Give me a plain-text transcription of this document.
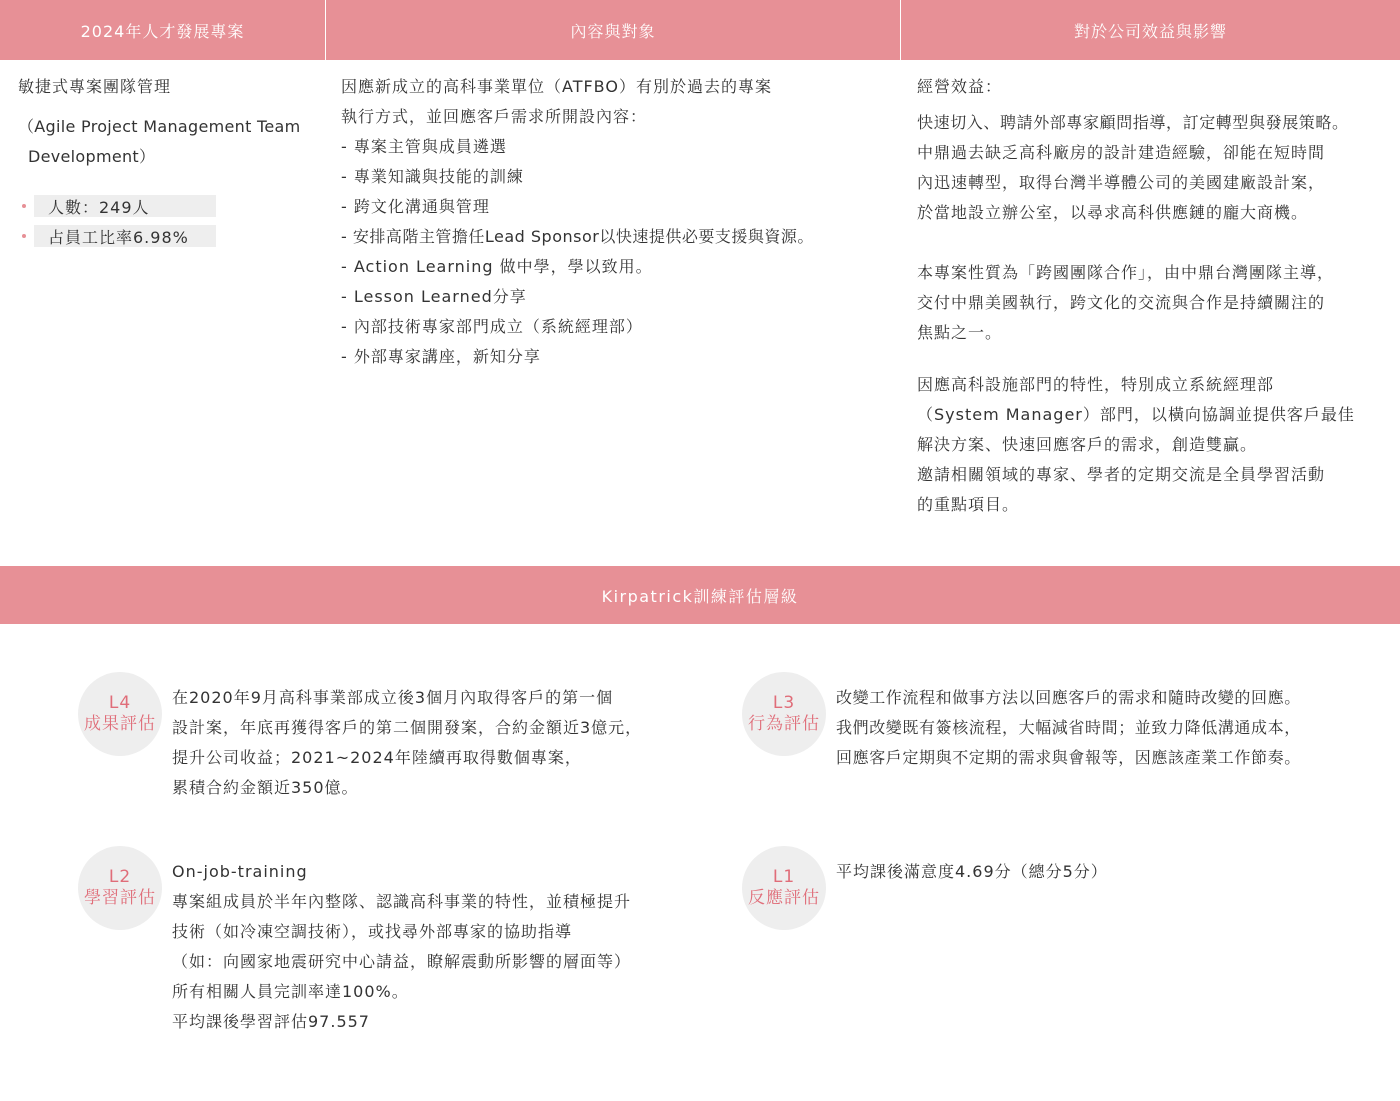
2024年人才發展專案	內容與對象	對於公司效益與影響
敏捷式專案團隊管理
（Agile Project Management Team
Development）
人數：249人
占員工比率6.98%
因應新成立的高科事業單位（ATFBO）有別於過去的專案
執行方式，並回應客戶需求所開設內容：
- 專案主管與成員遴選
- 專業知識與技能的訓練
- 跨文化溝通與管理
- 安排高階主管擔任Lead Sponsor以快速提供必要支援與資源。
- Action Learning 做中學，學以致用。
- Lesson Learned分享
- 內部技術專家部門成立（系統經理部）
- 外部專家講座，新知分享
經營效益：
快速切入、聘請外部專家顧問指導，訂定轉型與發展策略。
中鼎過去缺乏高科廠房的設計建造經驗，卻能在短時間
內迅速轉型，取得台灣半導體公司的美國建廠設計案，
於當地設立辦公室，以尋求高科供應鏈的龐大商機。
本專案性質為「跨國團隊合作」，由中鼎台灣團隊主導，
交付中鼎美國執行，跨文化的交流與合作是持續關注的
焦點之一。
因應高科設施部門的特性，特別成立系統經理部
（System Manager）部門，以橫向協調並提供客戶最佳
解決方案、快速回應客戶的需求，創造雙贏。
邀請相關領域的專家、學者的定期交流是全員學習活動
的重點項目。
Kirpatrick訓練評估層級
L4
成果評估
在2020年9月高科事業部成立後3個月內取得客戶的第一個
設計案，年底再獲得客戶的第二個開發案，合約金額近3億元，
提升公司收益；2021~2024年陸續再取得數個專案，
累積合約金額近350億。
L3
行為評估
改變工作流程和做事方法以回應客戶的需求和隨時改變的回應。
我們改變既有簽核流程，大幅減省時間；並致力降低溝通成本，
回應客戶定期與不定期的需求與會報等，因應該產業工作節奏。
L2
學習評估
On-job-training
專案組成員於半年內整隊、認識高科事業的特性，並積極提升
技術（如冷凍空調技術），或找尋外部專家的協助指導
（如：向國家地震研究中心請益，瞭解震動所影響的層面等）
所有相關人員完訓率達100%。
平均課後學習評估97.557
L1
反應評估
平均課後滿意度4.69分（總分5分）
